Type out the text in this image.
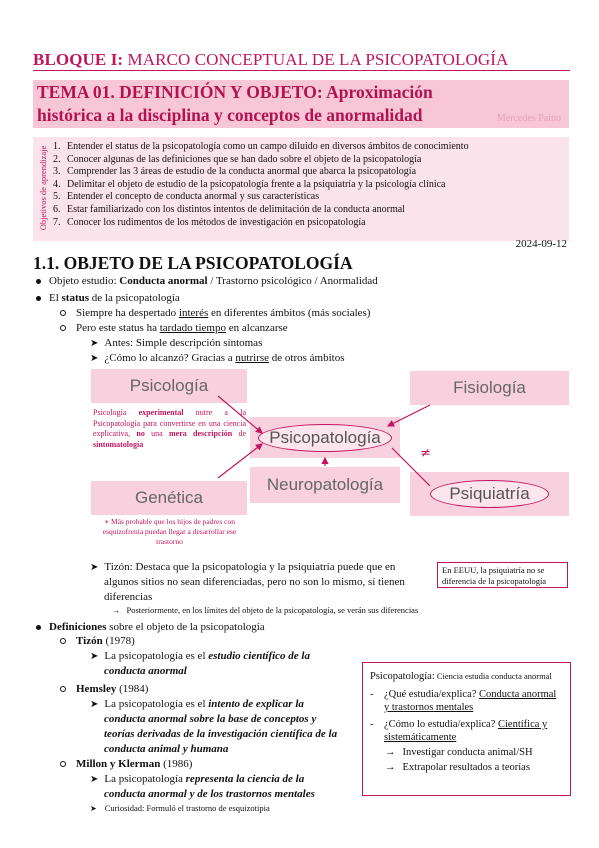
BLOQUE I: MARCO CONCEPTUAL DE LA PSICOPATOLOGÍA
TEMA 01. DEFINICIÓN Y OBJETO: Aproximación
histórica a la disciplina y conceptos de anormalidad	Mercedes Paíno
Objetivos de aprendizaje 1. Entender el status de la psicopatología como un campo diluido en diversos ámbitos de conocimiento
2. Conocer algunas de las definiciones que se han dado sobre el objeto de la psicopatología
3. Comprender las 3 áreas de estudio de la conducta anormal que abarca la psicopatología
4. Delimitar el objeto de estudio de la psicopatología frente a la psiquiatría y la psicología clínica
5. Entender el concepto de conducta anormal y sus características
6. Estar familiarizado con los distintos intentos de delimitación de la conducta anormal
7. Conocer los rudimentos de los métodos de investigación en psicopatología
2024-09-12
1.1. OBJETO DE LA PSICOPATOLOGÍA
Objeto estudio: Conducta anormal / Trastorno psicológico / Anormalidad
El status de la psicopatología
Siempre ha despertado interés en diferentes ámbitos (más sociales)
Pero este status ha tardado tiempo en alcanzarse
➤ Antes: Simple descripción síntomas
➤ ¿Cómo lo alcanzó? Gracias a nutrirse de otros ámbitos
Psicología	Fisiología
Psicopatología
Neuropatología
Genética	Psiquiatría
Psicología experimental nutre a la Psicopatología para convertirse en una ciencia explicativa, no una mera descripción de sintomatología
∗ Más probable que los hijos de padres con esquizofrenia puedan llegar a desarrollar ese trastorno
≠
➤ Tizón: Destaca que la psicopatología y la psiquiatría puede que en
algunos sitios no sean diferenciadas, pero no son lo mismo, sí tienen
diferencias
→ Posteriormente, en los límites del objeto de la psicopatología, se verán sus diferencias
En EEUU, la psiquiatría no se diferencia de la psicopatología
Definiciones sobre el objeto de la psicopatología
Tizón (1978)
➤ La psicopatología es el estudio científico de la
conducta anormal
Hemsley (1984)
➤ La psicopatología es el intento de explicar la
conducta anormal sobre la base de conceptos y
teorías derivadas de la investigación científica de la
conducta animal y humana
Millon y Klerman (1986)
➤ La psicopatología representa la ciencia de la
conducta anormal y de los trastornos mentales
➤ Curiosidad: Formuló el trastorno de esquizotipia
Psicopatología: Ciencia estudia conducta anormal
- ¿Qué estudia/explica? Conducta anormal
y trastornos mentales
- ¿Cómo lo estudia/explica? Científica y
sistemáticamente
→ Investigar conducta animal/SH
→ Extrapolar resultados a teorías
